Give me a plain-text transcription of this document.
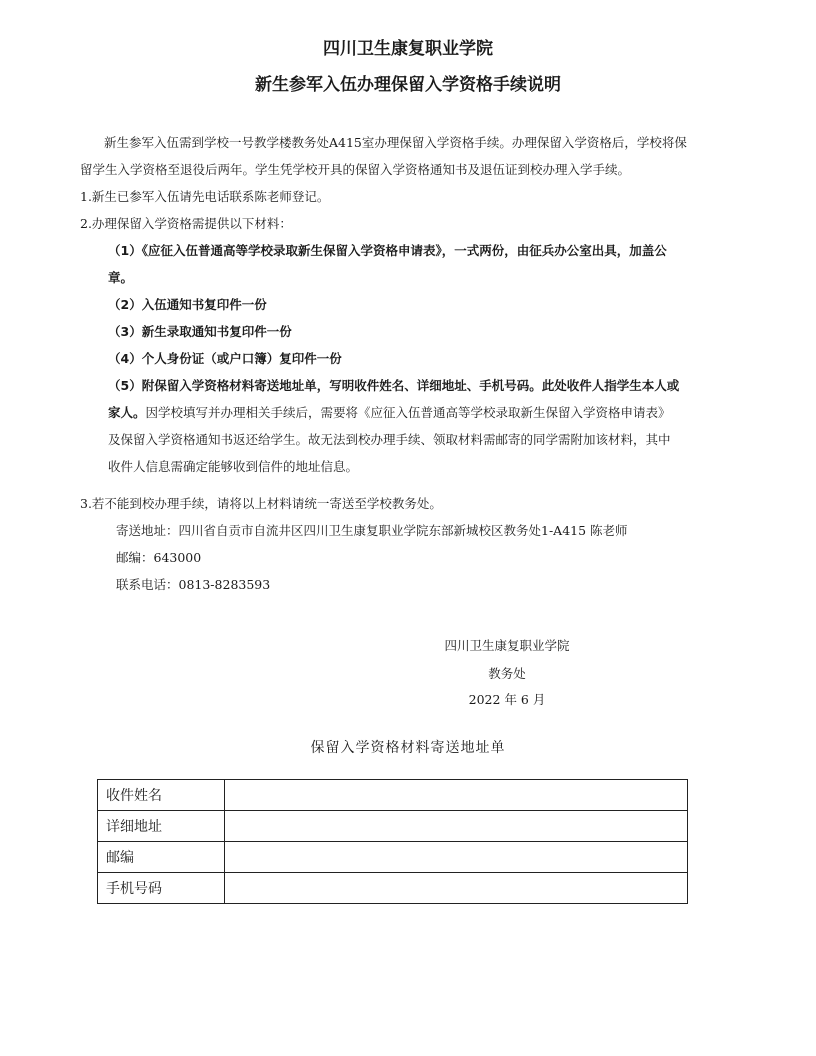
四川卫生康复职业学院
新生参军入伍办理保留入学资格手续说明
新生参军入伍需到学校一号教学楼教务处A415室办理保留入学资格手续。办理保留入学资格后，学校将保
留学生入学资格至退役后两年。学生凭学校开具的保留入学资格通知书及退伍证到校办理入学手续。
1.新生已参军入伍请先电话联系陈老师登记。
2.办理保留入学资格需提供以下材料：
（1）《应征入伍普通高等学校录取新生保留入学资格申请表》，一式两份，由征兵办公室出具，加盖公
章。
（2）入伍通知书复印件一份
（3）新生录取通知书复印件一份
（4）个人身份证（或户口簿）复印件一份
（5）附保留入学资格材料寄送地址单，写明收件姓名、详细地址、手机号码。此处收件人指学生本人或
家人。因学校填写并办理相关手续后，需要将《应征入伍普通高等学校录取新生保留入学资格申请表》
及保留入学资格通知书返还给学生。故无法到校办理手续、领取材料需邮寄的同学需附加该材料，其中
收件人信息需确定能够收到信件的地址信息。
3.若不能到校办理手续，请将以上材料请统一寄送至学校教务处。
寄送地址：四川省自贡市自流井区四川卫生康复职业学院东部新城校区教务处1-A415 陈老师
邮编：643000
联系电话：0813-8283593
四川卫生康复职业学院
教务处
2022 年 6 月
保留入学资格材料寄送地址单
收件姓名	
详细地址	
邮编	
手机号码	
